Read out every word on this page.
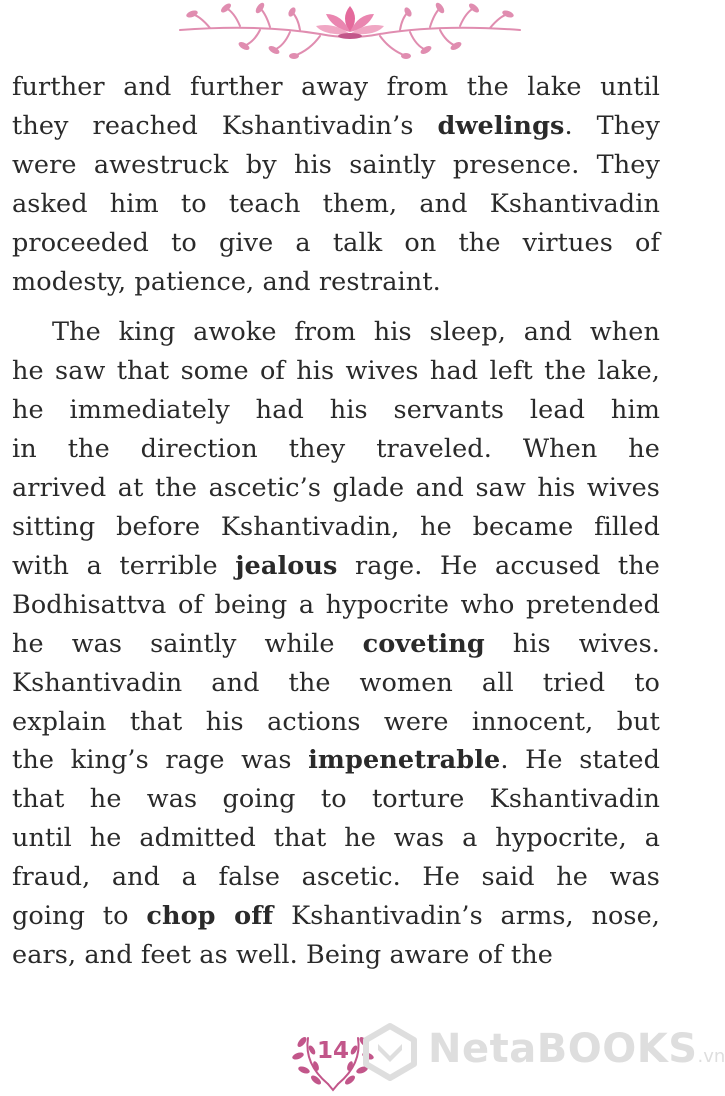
further and further away from the lake until
they reached Kshantivadin’s dwelings. They
were awestruck by his saintly presence. They
asked him to teach them, and Kshantivadin
proceeded to give a talk on the virtues of
modesty, patience, and restraint.
The king awoke from his sleep, and when
he saw that some of his wives had left the lake,
he immediately had his servants lead him
in the direction they traveled. When he
arrived at the ascetic’s glade and saw his wives
sitting before Kshantivadin, he became filled
with a terrible jealous rage. He accused the
Bodhisattva of being a hypocrite who pretended
he was saintly while coveting his wives.
Kshantivadin and the women all tried to
explain that his actions were innocent, but
the king’s rage was impenetrable. He stated
that he was going to torture Kshantivadin
until he admitted that he was a hypocrite, a
fraud, and a false ascetic. He said he was
going to chop off Kshantivadin’s arms, nose,
ears, and feet as well. Being aware of the
14	NetaBOOKS.vn
